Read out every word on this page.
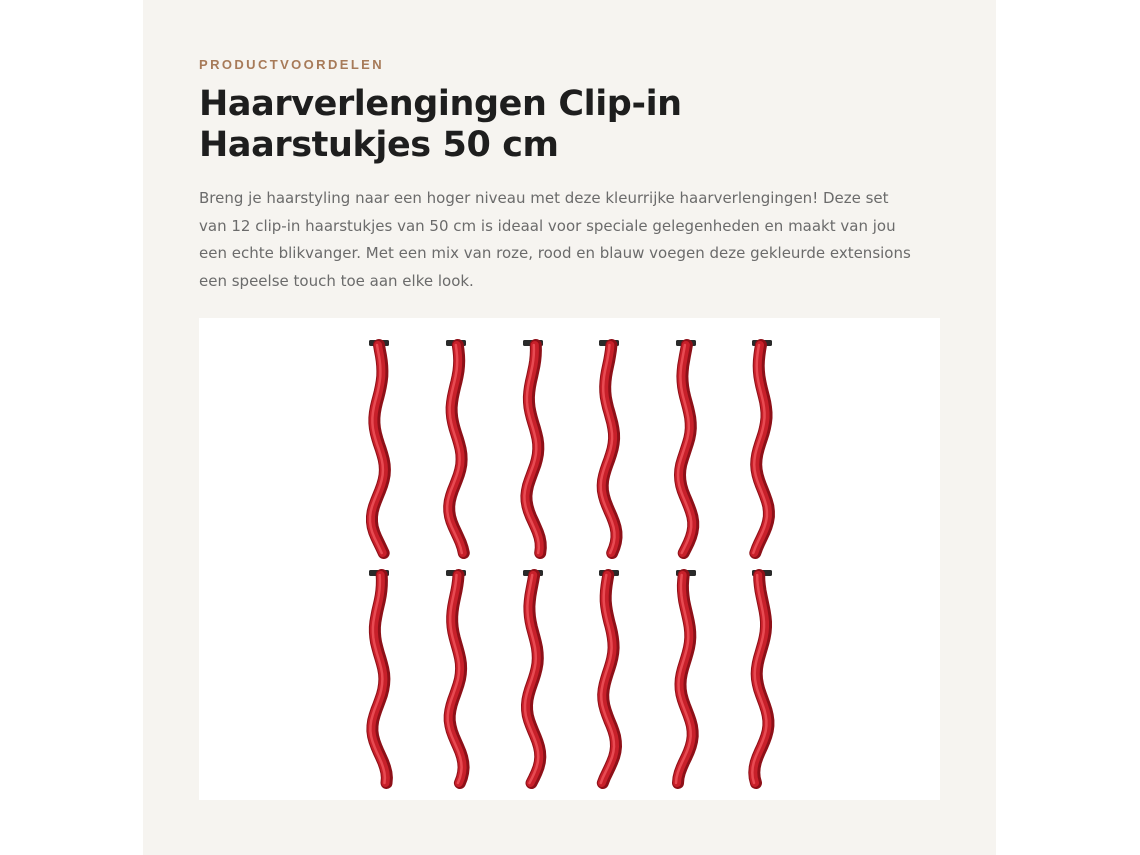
PRODUCTVOORDELEN

Haarverlengingen Clip-in Haarstukjes 50 cm

Breng je haarstyling naar een hoger niveau met deze kleurrijke haarverlengingen! Deze set van 12 clip-in haarstukjes van 50 cm is ideaal voor speciale gelegenheden en maakt van jou een echte blikvanger. Met een mix van roze, rood en blauw voegen deze gekleurde extensions een speelse touch toe aan elke look.
